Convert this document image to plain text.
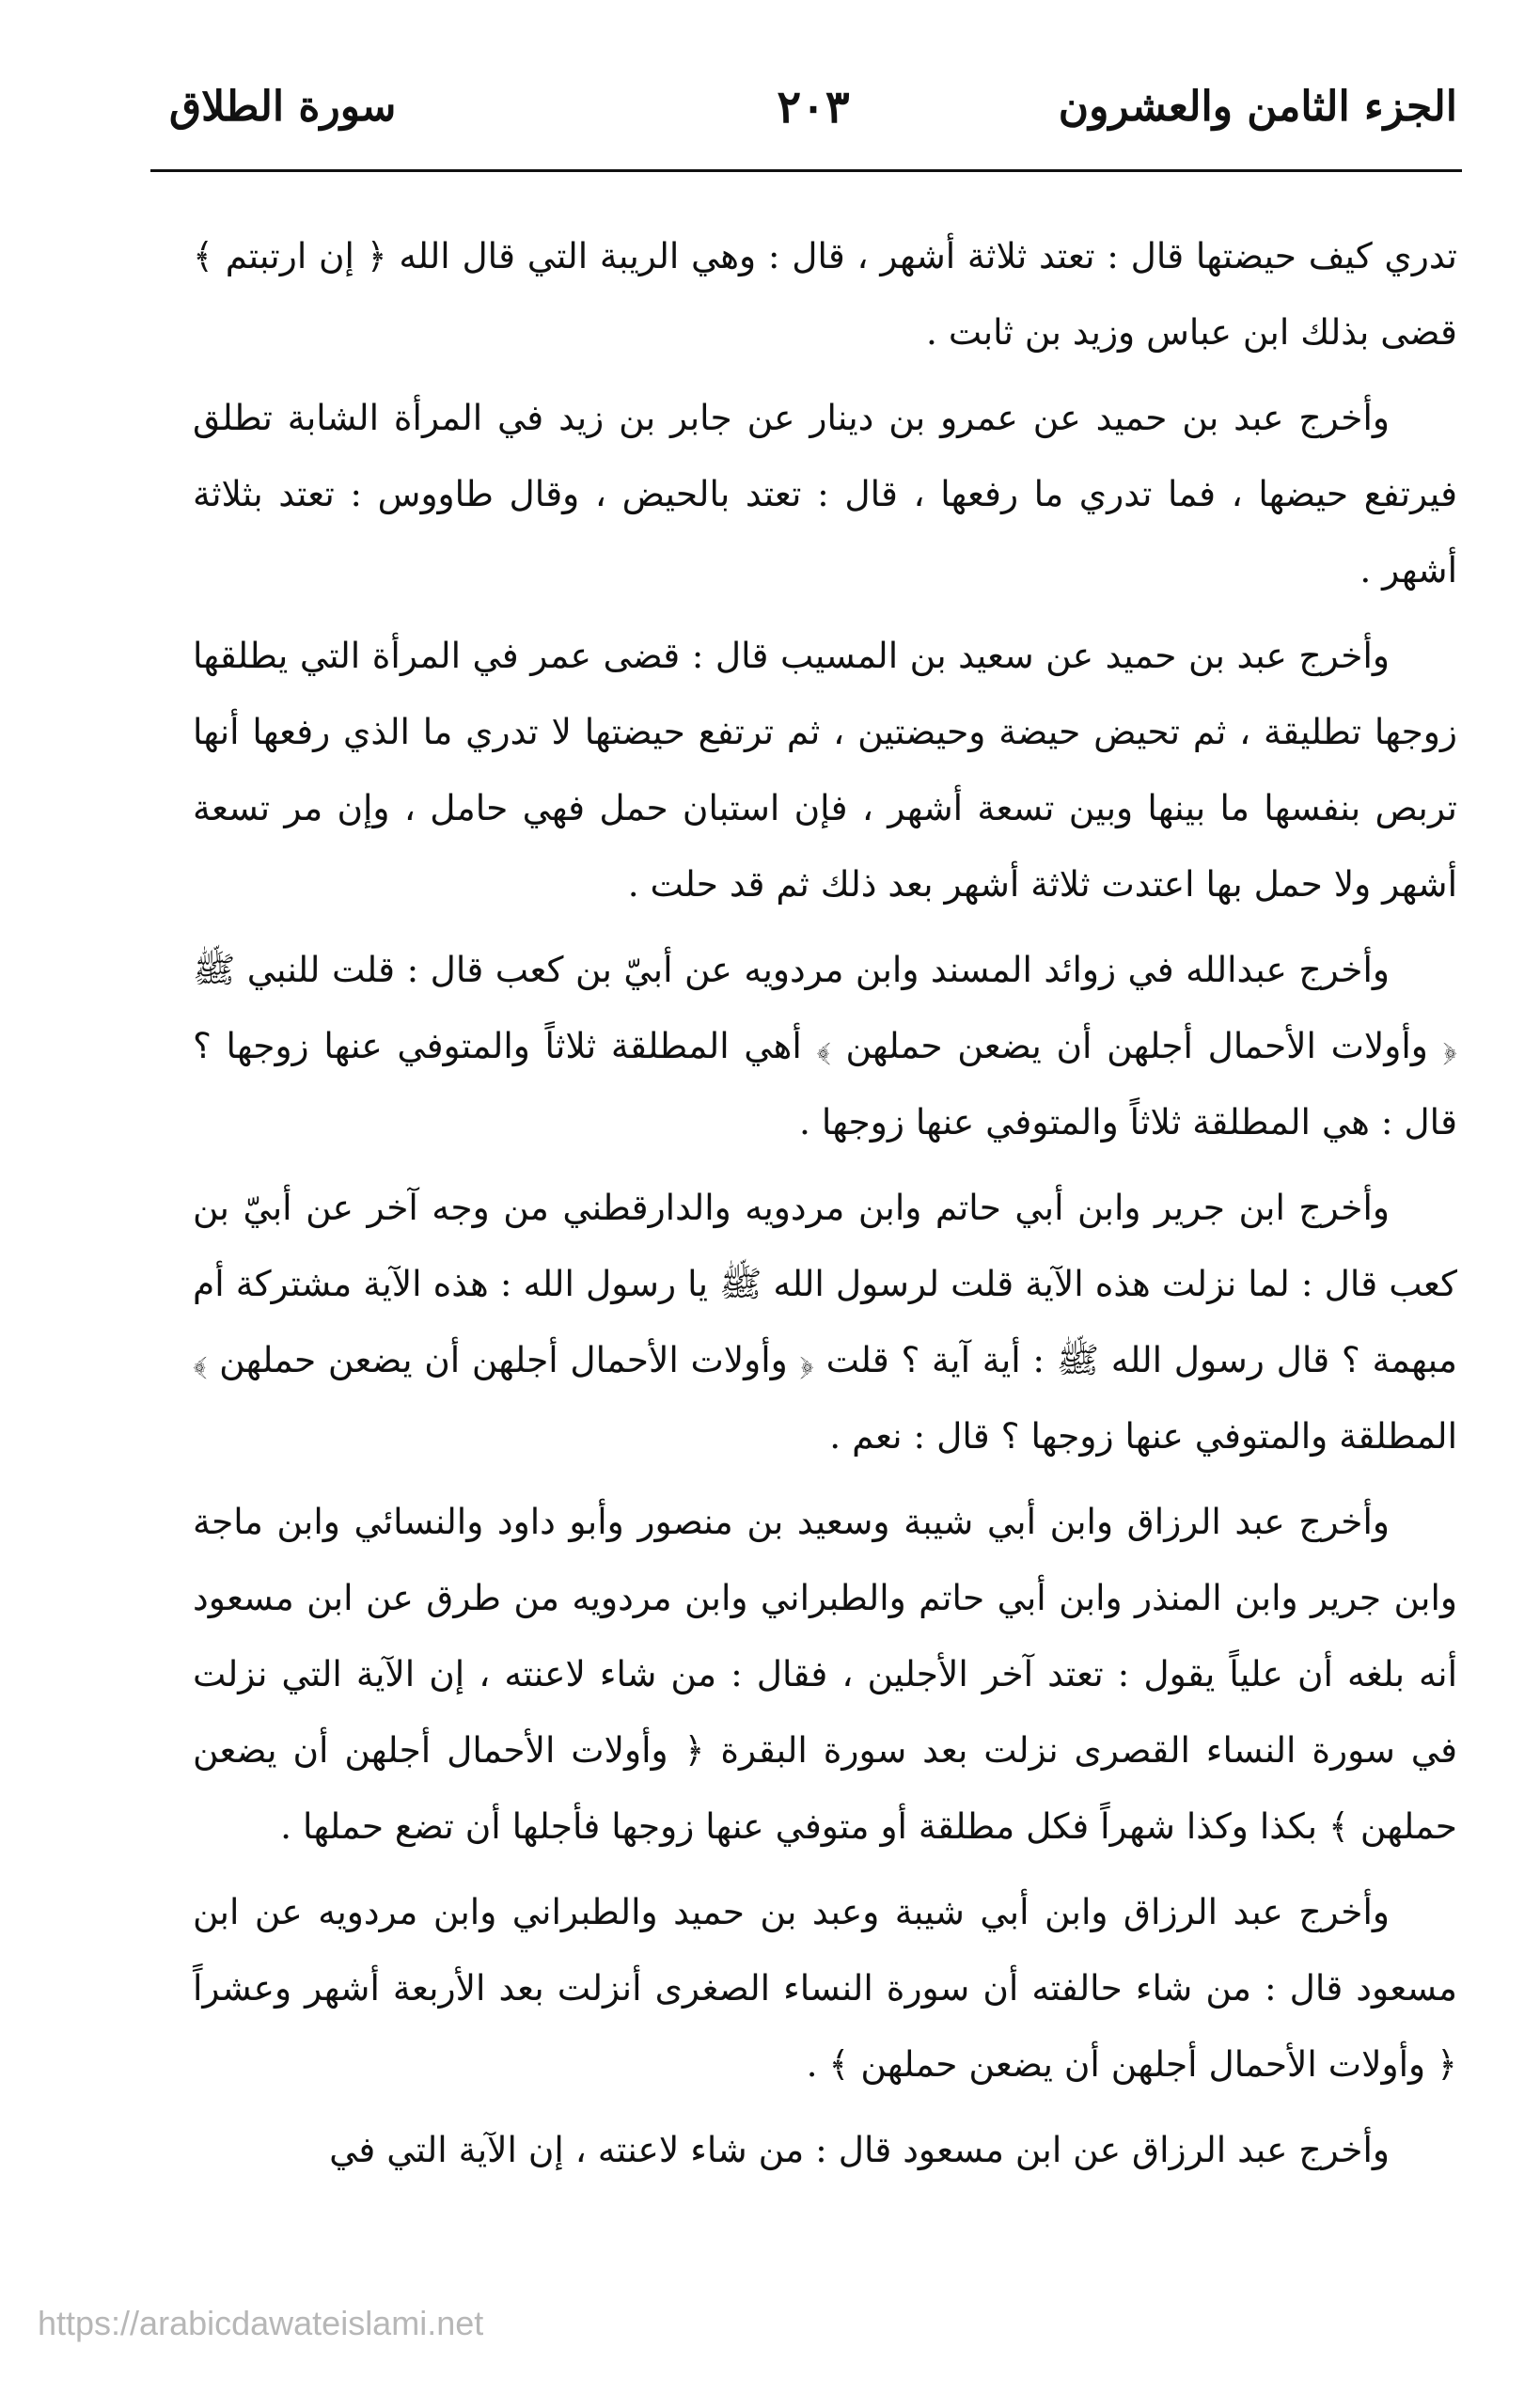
الجزء الثامن والعشرون
٢٠٣
سورة الطلاق

تدري كيف حيضتها قال : تعتد ثلاثة أشهر ، قال : وهي الريبة التي قال الله ﴿ إن ارتبتم ﴾ قضى بذلك ابن عباس وزيد بن ثابت .

وأخرج عبد بن حميد عن عمرو بن دينار عن جابر بن زيد في المرأة الشابة تطلق فيرتفع حيضها ، فما تدري ما رفعها ، قال : تعتد بالحيض ، وقال طاووس : تعتد بثلاثة أشهر .

وأخرج عبد بن حميد عن سعيد بن المسيب قال : قضى عمر في المرأة التي يطلقها زوجها تطليقة ، ثم تحيض حيضة وحيضتين ، ثم ترتفع حيضتها لا تدري ما الذي رفعها أنها تربص بنفسها ما بينها وبين تسعة أشهر ، فإن استبان حمل فهي حامل ، وإن مر تسعة أشهر ولا حمل بها اعتدت ثلاثة أشهر بعد ذلك ثم قد حلت .

وأخرج عبدالله في زوائد المسند وابن مردويه عن أبيّ بن كعب قال : قلت للنبي ﷺ ﴿ وأولات الأحمال أجلهن أن يضعن حملهن ﴾ أهي المطلقة ثلاثاً والمتوفي عنها زوجها ؟ قال : هي المطلقة ثلاثاً والمتوفي عنها زوجها .

وأخرج ابن جرير وابن أبي حاتم وابن مردويه والدارقطني من وجه آخر عن أبيّ بن كعب قال : لما نزلت هذه الآية قلت لرسول الله ﷺ يا رسول الله : هذه الآية مشتركة أم مبهمة ؟ قال رسول الله ﷺ : أية آية ؟ قلت ﴿ وأولات الأحمال أجلهن أن يضعن حملهن ﴾ المطلقة والمتوفي عنها زوجها ؟ قال : نعم .

وأخرج عبد الرزاق وابن أبي شيبة وسعيد بن منصور وأبو داود والنسائي وابن ماجة وابن جرير وابن المنذر وابن أبي حاتم والطبراني وابن مردويه من طرق عن ابن مسعود أنه بلغه أن علياً يقول : تعتد آخر الأجلين ، فقال : من شاء لاعنته ، إن الآية التي نزلت في سورة النساء القصرى نزلت بعد سورة البقرة ﴿ وأولات الأحمال أجلهن أن يضعن حملهن ﴾ بكذا وكذا شهراً فكل مطلقة أو متوفي عنها زوجها فأجلها أن تضع حملها .

وأخرج عبد الرزاق وابن أبي شيبة وعبد بن حميد والطبراني وابن مردويه عن ابن مسعود قال : من شاء حالفته أن سورة النساء الصغرى أنزلت بعد الأربعة أشهر وعشراً ﴿ وأولات الأحمال أجلهن أن يضعن حملهن ﴾ .

وأخرج عبد الرزاق عن ابن مسعود قال : من شاء لاعنته ، إن الآية التي في

https://arabicdawateislami.net
